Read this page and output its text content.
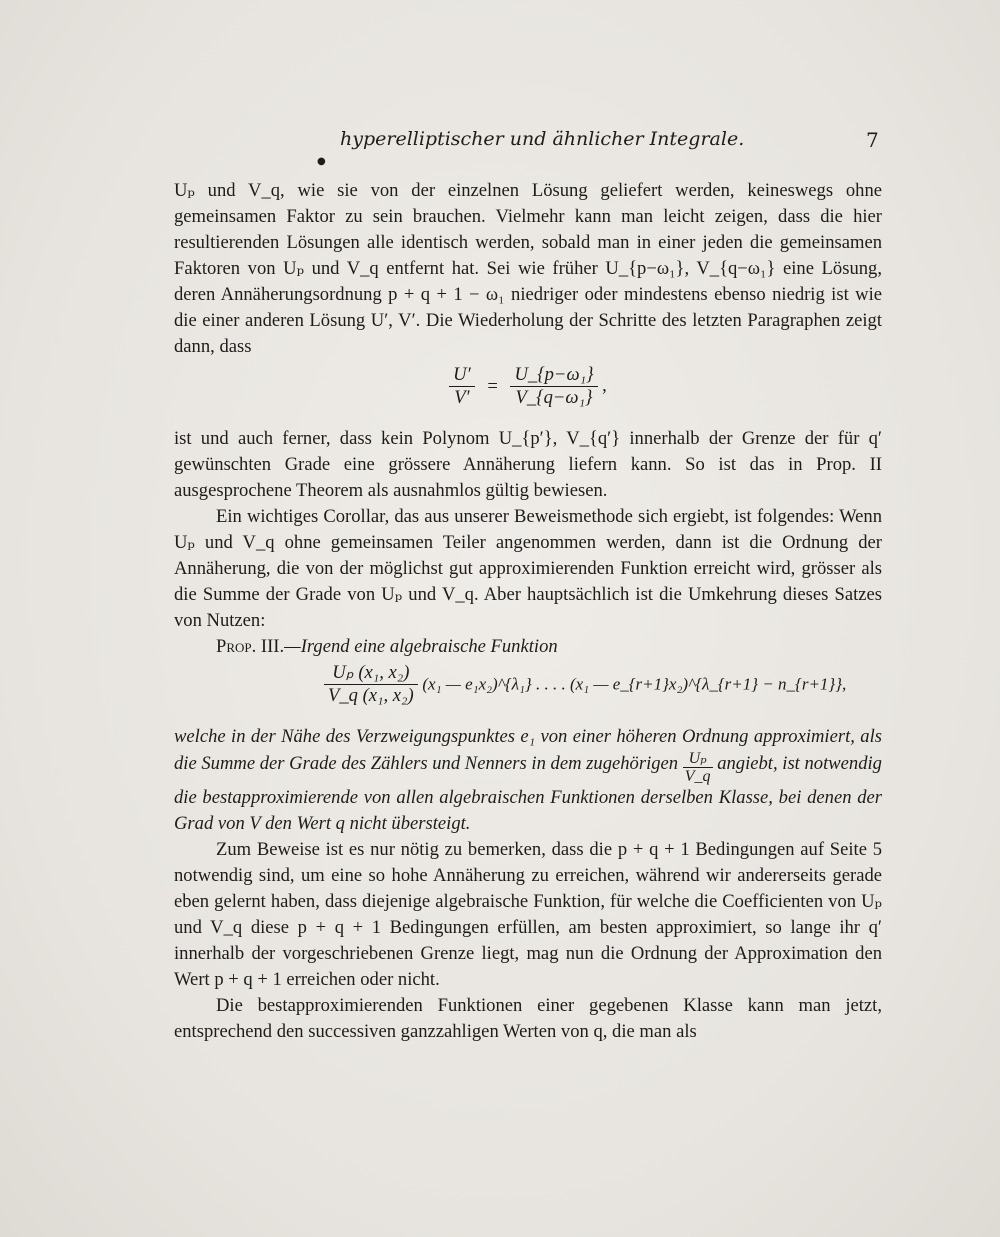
hyperelliptischer und ähnlicher Integrale.	7
●

Uₚ und V_q, wie sie von der einzelnen Lösung geliefert werden, keineswegs ohne gemeinsamen Faktor zu sein brauchen. Vielmehr kann man leicht zeigen, dass die hier resultierenden Lösungen alle identisch werden, sobald man in einer jeden die gemeinsamen Faktoren von Uₚ und V_q entfernt hat. Sei wie früher U_{p−ω₁}, V_{q−ω₁} eine Lösung, deren Annäherungsordnung p + q + 1 − ω₁ niedriger oder mindestens ebenso niedrig ist wie die einer anderen Lösung U′, V′. Die Wiederholung der Schritte des letzten Paragraphen zeigt dann, dass

$\frac{U'}{V'} = \frac{\text{U\_\{p−ω₁\}}}{\text{V\_\{q−ω₁\}}}$ ,

ist und auch ferner, dass kein Polynom U_{p′}, V_{q′} innerhalb der Grenze der für q′ gewünschten Grade eine grössere Annäherung liefern kann. So ist das in Prop. II ausgesprochene Theorem als ausnahmlos gültig bewiesen.

Ein wichtiges Corollar, das aus unserer Beweismethode sich ergiebt, ist folgendes: Wenn Uₚ und V_q ohne gemeinsamen Teiler angenommen werden, dann ist die Ordnung der Annäherung, die von der möglichst gut approximierenden Funktion erreicht wird, grösser als die Summe der Grade von Uₚ und V_q. Aber hauptsächlich ist die Umkehrung dieses Satzes von Nutzen:

Prop. III.—Irgend eine algebraische Funktion

$\frac{\text{Uₚ (x₁, x₂)}}{\text{V\_q (x₁, x₂)}} (x_1$ — e₁x₂)^{λ₁} . . . . (x₁ — e_{r+1}x₂)^{λ_{r+1} − n_{r+1}},

welche in der Nähe des Verzweigungspunktes e₁ von einer höheren Ordnung approximiert, als die Summe der Grade des Zählers und Nenners in dem zugehörigen $\frac{\text{Uₚ}}{V\_q}$ angiebt, ist notwendig die bestapproximierende von allen algebraischen Funktionen derselben Klasse, bei denen der Grad von V den Wert q nicht übersteigt.

Zum Beweise ist es nur nötig zu bemerken, dass die p + q + 1 Bedingungen auf Seite 5 notwendig sind, um eine so hohe Annäherung zu erreichen, während wir andererseits gerade eben gelernt haben, dass diejenige algebraische Funktion, für welche die Coefficienten von Uₚ und V_q diese p + q + 1 Bedingungen erfüllen, am besten approximiert, so lange ihr q′ innerhalb der vorgeschriebenen Grenze liegt, mag nun die Ordnung der Approximation den Wert p + q + 1 erreichen oder nicht.

Die bestapproximierenden Funktionen einer gegebenen Klasse kann man jetzt, entsprechend den successiven ganzzahligen Werten von q, die man als
